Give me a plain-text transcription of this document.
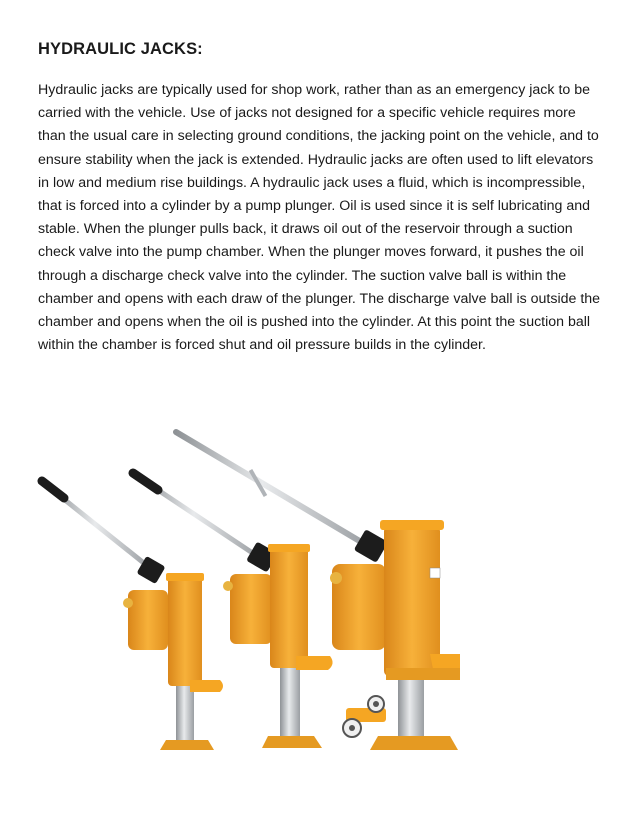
HYDRAULIC JACKS:

Hydraulic jacks are typically used for shop work, rather than as an emergency jack to be carried with the vehicle. Use of jacks not designed for a specific vehicle requires more than the usual care in selecting ground conditions, the jacking point on the vehicle, and to ensure stability when the jack is extended. Hydraulic jacks are often used to lift elevators in low and medium rise buildings. A hydraulic jack uses a fluid, which is incompressible, that is forced into a cylinder by a pump plunger. Oil is used since it is self lubricating and stable. When the plunger pulls back, it draws oil out of the reservoir through a suction check valve into the pump chamber. When the plunger moves forward, it pushes the oil through a discharge check valve into the cylinder. The suction valve ball is within the chamber and opens with each draw of the plunger. The discharge valve ball is outside the chamber and opens when the oil is pushed into the cylinder. At this point the suction ball within the chamber is forced shut and oil pressure builds in the cylinder.
